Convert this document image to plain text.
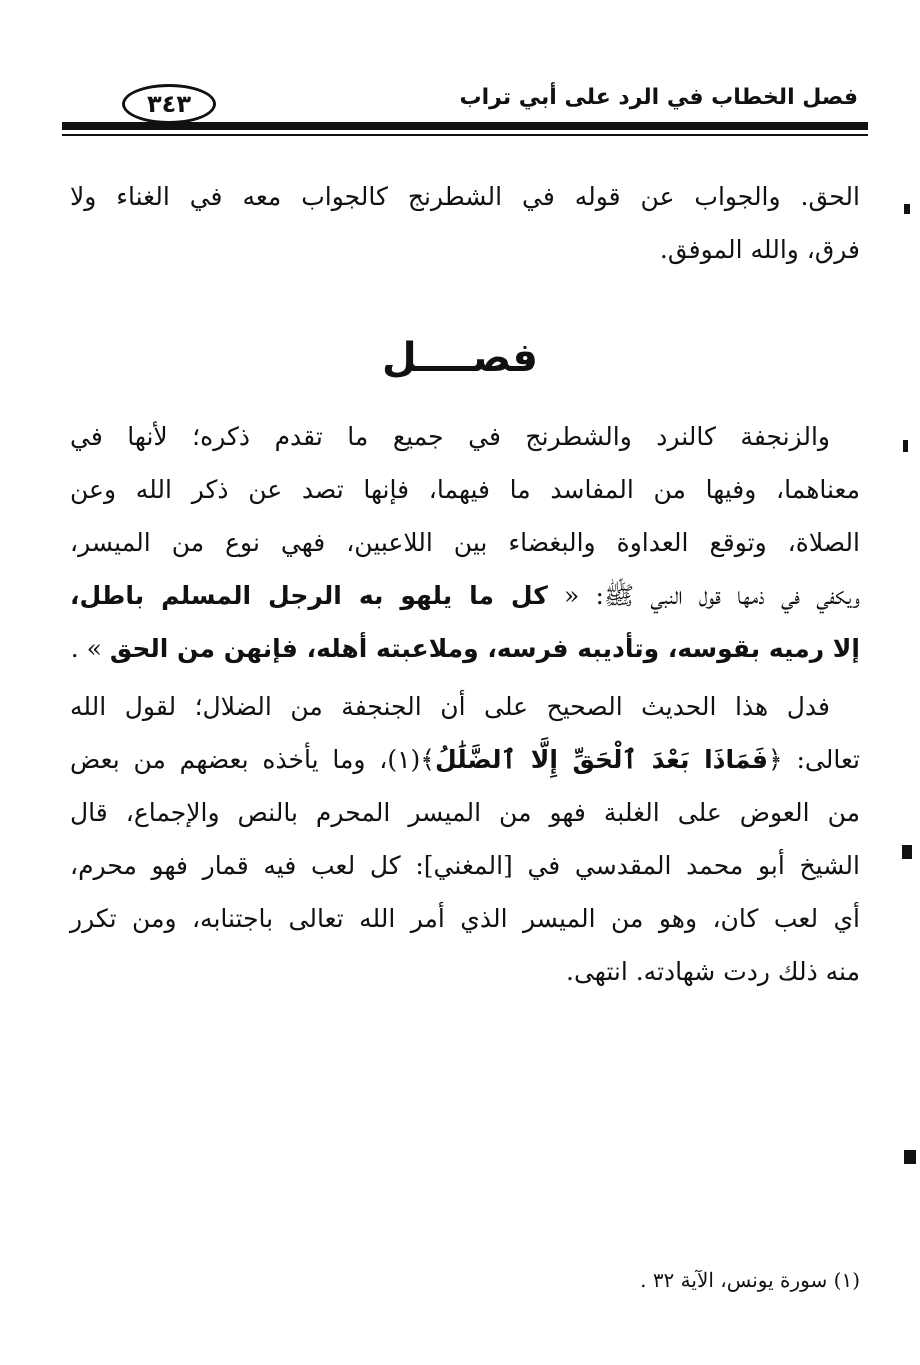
فصل الخطاب في الرد على أبي تراب
٣٤٣
الحق. والجواب عن قوله في الشطرنج كالجواب معه في الغناء ولا
فرق، والله الموفق.
فصــــل
والزنجفة كالنرد والشطرنج في جميع ما تقدم ذكره؛ لأنها في
معناهما، وفيها من المفاسد ما فيهما، فإنها تصد عن ذكر الله وعن
الصلاة، وتوقع العداوة والبغضاء بين اللاعبين، فهي نوع من الميسر،
ويكفي في ذمها قول النبي ﷺ: « كل ما يلهو به الرجل المسلم باطل،
إلا رميه بقوسه، وتأديبه فرسه، وملاعبته أهله، فإنهن من الحق » .
فدل هذا الحديث الصحيح على أن الجنجفة من الضلال؛ لقول الله
تعالى: ﴿فَمَاذَا بَعْدَ ٱلْحَقِّ إِلَّا ٱلضَّلَٰلُ﴾(١)، وما يأخذه بعضهم من بعض
من العوض على الغلبة فهو من الميسر المحرم بالنص والإجماع، قال
الشيخ أبو محمد المقدسي في [المغني]: كل لعب فيه قمار فهو محرم،
أي لعب كان، وهو من الميسر الذي أمر الله تعالى باجتنابه، ومن تكرر
منه ذلك ردت شهادته. انتهى.
(١) سورة يونس، الآية ٣٢ .
